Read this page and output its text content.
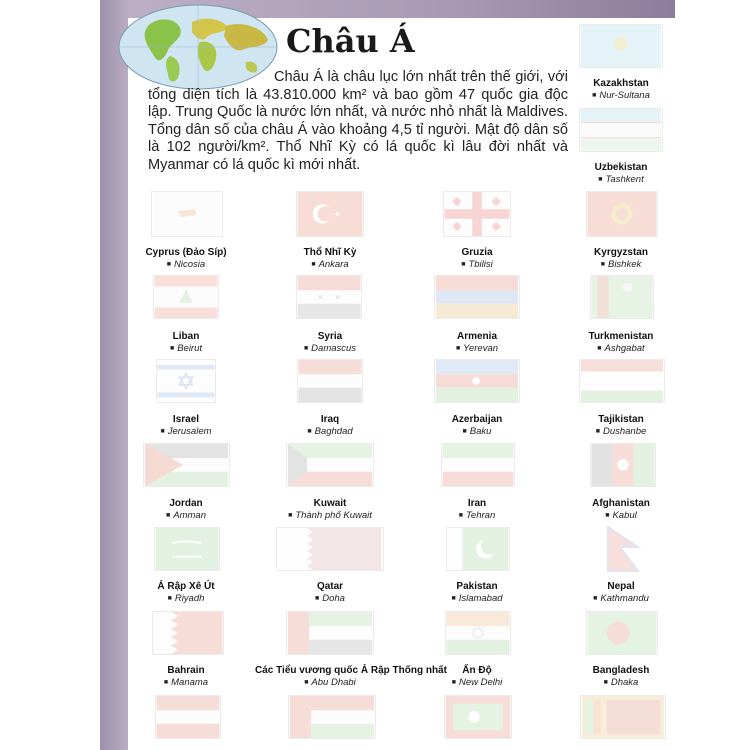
Châu Á

Châu Á là châu lục lớn nhất trên thế giới, với tổng diện tích là 43.810.000 km² và bao gồm 47 quốc gia độc lập. Trung Quốc là nước lớn nhất, và nước nhỏ nhất là Maldives. Tổng dân số của châu Á vào khoảng 4,5 tỉ người. Mật độ dân số là 102 người/km². Thổ Nhĩ Kỳ có lá quốc kì lâu đời nhất và Myanmar có lá quốc kì mới nhất.

Kazakhstan
■ Nur-Sultana
Uzbekistan
■ Tashkent
Cyprus (Đảo Síp)
■ Nicosia
Thổ Nhĩ Kỳ
■ Ankara
Gruzia
■ Tbilisi
Kyrgyzstan
■ Bishkek
Liban
■ Beirut
Syria
■ Damascus
Armenia
■ Yerevan
Turkmenistan
■ Ashgabat
Israel
■ Jerusalem
Iraq
■ Baghdad
Azerbaijan
■ Baku
Tajikistan
■ Dushanbe
Jordan
■ Amman
Kuwait
■ Thành phố Kuwait
Iran
■ Tehran
Afghanistan
■ Kabul
Ả Rập Xê Út
■ Riyadh
Qatar
■ Doha
Pakistan
■ Islamabad
Nepal
■ Kathmandu
Bahrain
■ Manama
Các Tiểu vương quốc Ả Rập Thống nhất
■ Abu Dhabi
Ấn Độ
■ New Delhi
Bangladesh
■ Dhaka
